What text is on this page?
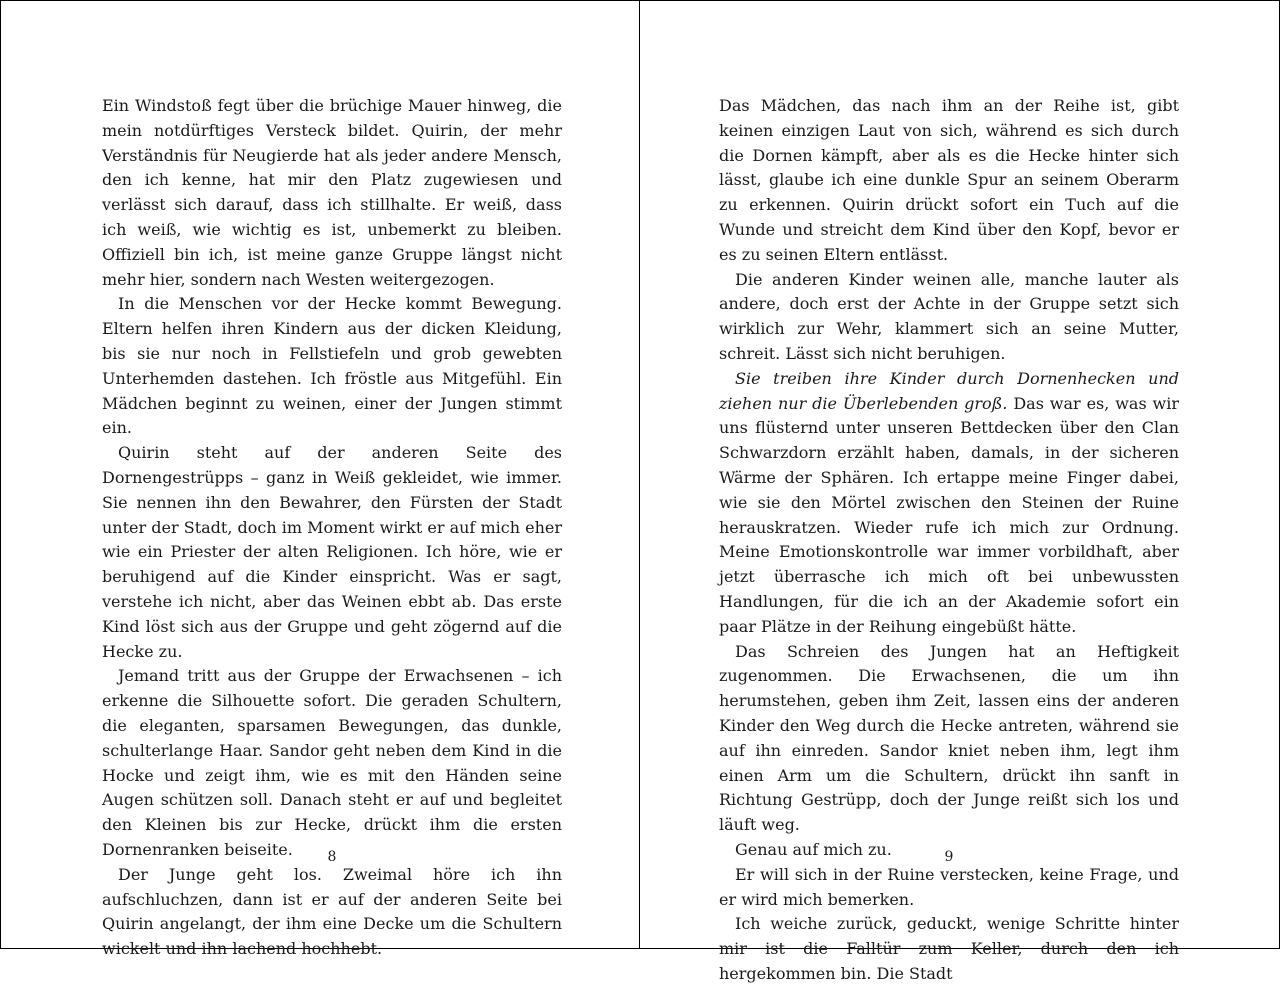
Ein Windstoß fegt über die brüchige Mauer hinweg, die mein notdürftiges Versteck bildet. Quirin, der mehr Verständnis für Neugierde hat als jeder andere Mensch, den ich kenne, hat mir den Platz zugewiesen und verlässt sich darauf, dass ich stillhalte. Er weiß, dass ich weiß, wie wichtig es ist, unbemerkt zu bleiben. Offiziell bin ich, ist meine ganze Gruppe längst nicht mehr hier, sondern nach Westen weitergezogen.

In die Menschen vor der Hecke kommt Bewegung. Eltern helfen ihren Kindern aus der dicken Kleidung, bis sie nur noch in Fellstiefeln und grob gewebten Unterhemden dastehen. Ich fröstle aus Mitgefühl. Ein Mädchen beginnt zu weinen, einer der Jungen stimmt ein.

Quirin steht auf der anderen Seite des Dornengestrüpps – ganz in Weiß gekleidet, wie immer. Sie nennen ihn den Bewahrer, den Fürsten der Stadt unter der Stadt, doch im Moment wirkt er auf mich eher wie ein Priester der alten Religionen. Ich höre, wie er beruhigend auf die Kinder einspricht. Was er sagt, verstehe ich nicht, aber das Weinen ebbt ab. Das erste Kind löst sich aus der Gruppe und geht zögernd auf die Hecke zu.

Jemand tritt aus der Gruppe der Erwachsenen – ich erkenne die Silhouette sofort. Die geraden Schultern, die eleganten, sparsamen Bewegungen, das dunkle, schulterlange Haar. Sandor geht neben dem Kind in die Hocke und zeigt ihm, wie es mit den Händen seine Augen schützen soll. Danach steht er auf und begleitet den Kleinen bis zur Hecke, drückt ihm die ersten Dornenranken beiseite.

Der Junge geht los. Zweimal höre ich ihn aufschluchzen, dann ist er auf der anderen Seite bei Quirin angelangt, der ihm eine Decke um die Schultern wickelt und ihn lachend hochhebt.

8

Das Mädchen, das nach ihm an der Reihe ist, gibt keinen einzigen Laut von sich, während es sich durch die Dornen kämpft, aber als es die Hecke hinter sich lässt, glaube ich eine dunkle Spur an seinem Oberarm zu erkennen. Quirin drückt sofort ein Tuch auf die Wunde und streicht dem Kind über den Kopf, bevor er es zu seinen Eltern entlässt.

Die anderen Kinder weinen alle, manche lauter als andere, doch erst der Achte in der Gruppe setzt sich wirklich zur Wehr, klammert sich an seine Mutter, schreit. Lässt sich nicht beruhigen.

Sie treiben ihre Kinder durch Dornenhecken und ziehen nur die Überlebenden groß. Das war es, was wir uns flüsternd unter unseren Bettdecken über den Clan Schwarzdorn erzählt haben, damals, in der sicheren Wärme der Sphären. Ich ertappe meine Finger dabei, wie sie den Mörtel zwischen den Steinen der Ruine herauskratzen. Wieder rufe ich mich zur Ordnung. Meine Emotionskontrolle war immer vorbildhaft, aber jetzt überrasche ich mich oft bei unbewussten Handlungen, für die ich an der Akademie sofort ein paar Plätze in der Reihung eingebüßt hätte.

Das Schreien des Jungen hat an Heftigkeit zugenommen. Die Erwachsenen, die um ihn herumstehen, geben ihm Zeit, lassen eins der anderen Kinder den Weg durch die Hecke antreten, während sie auf ihn einreden. Sandor kniet neben ihm, legt ihm einen Arm um die Schultern, drückt ihn sanft in Richtung Gestrüpp, doch der Junge reißt sich los und läuft weg.

Genau auf mich zu.

Er will sich in der Ruine verstecken, keine Frage, und er wird mich bemerken.

Ich weiche zurück, geduckt, wenige Schritte hinter mir ist die Falltür zum Keller, durch den ich hergekommen bin. Die Stadt

9
